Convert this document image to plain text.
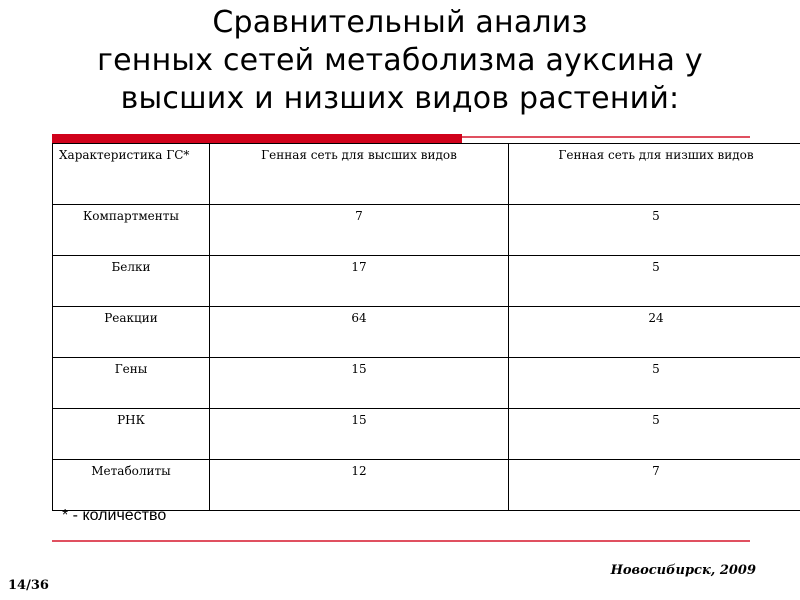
Сравнительный анализ
генных сетей метаболизма ауксина у
высших и низших видов растений:
Характеристика ГС*	Генная сеть для высших видов	Генная сеть для низших видов
Компартменты	7	5
Белки	17	5
Реакции	64	24
Гены	15	5
РНК	15	5
Метаболиты	12	7
* - количество
Новосибирск, 2009
14/36
